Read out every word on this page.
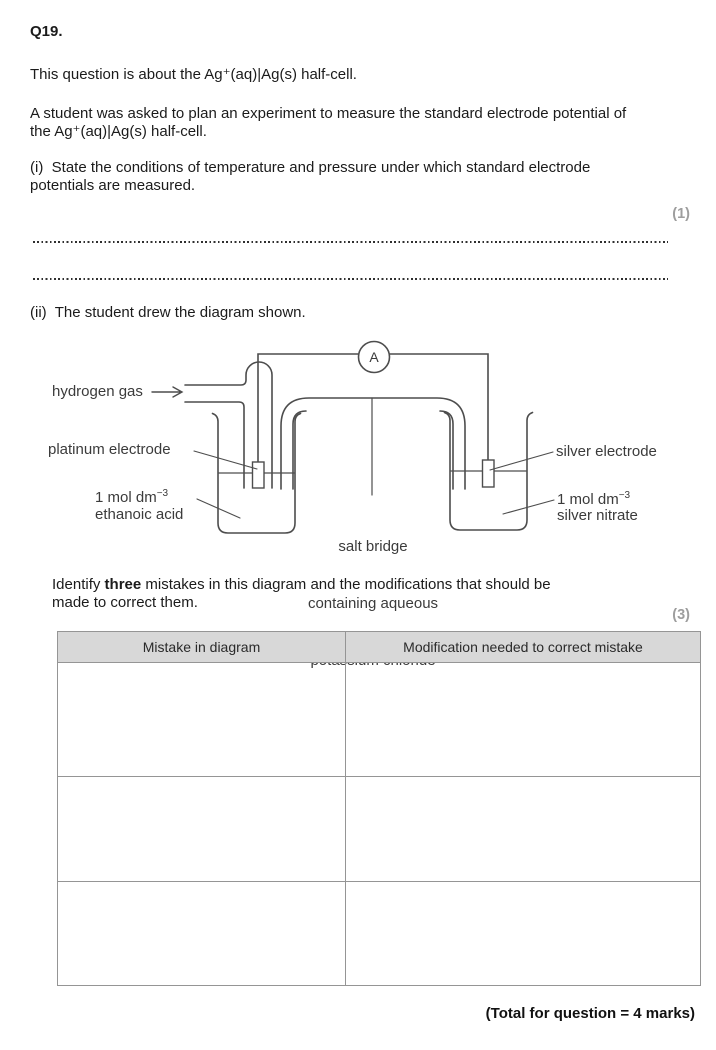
Q19.
This question is about the Ag⁺(aq)|Ag(s) half-cell.
A student was asked to plan an experiment to measure the standard electrode potential of
the Ag⁺(aq)|Ag(s) half-cell.
(i)  State the conditions of temperature and pressure under which standard electrode
potentials are measured.
(1)
(ii)  The student drew the diagram shown.
A
hydrogen gas
platinum electrode
1 mol $dm^{-3}$
ethanoic acid

salt bridge

containing aqueous

silver electrode
1 mol $dm^{-3}$
silver nitrate
Identify three mistakes in this diagram and the modifications that should be
made to correct them.
(3)
Mistake in diagram	Modification needed to correct mistake

(Total for question = 4 marks)
